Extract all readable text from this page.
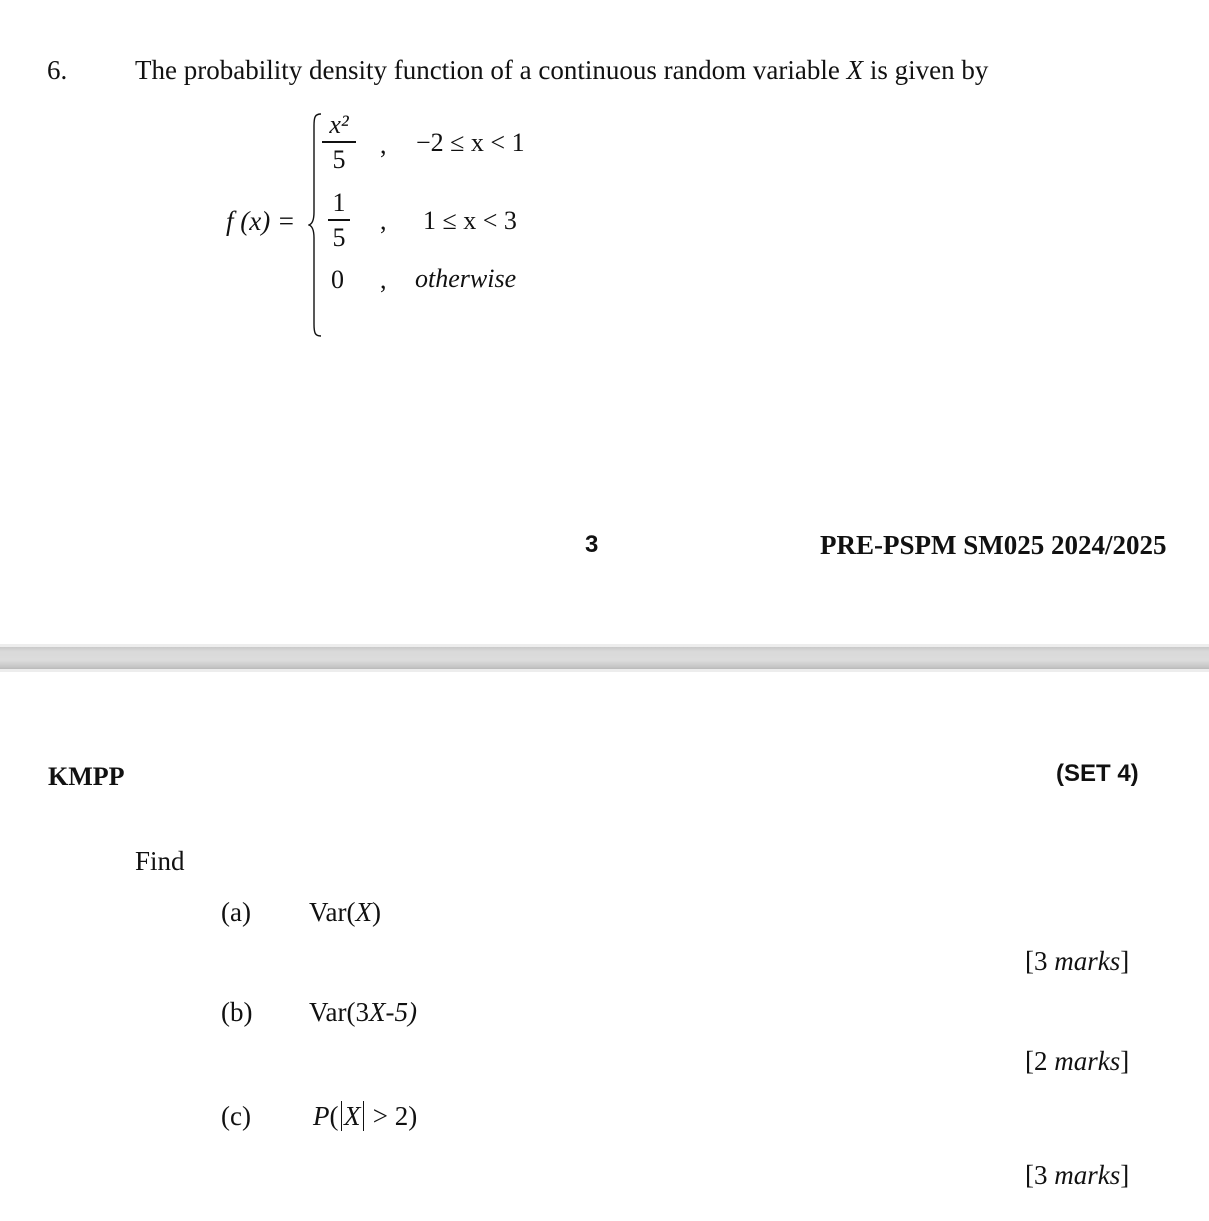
6.	The probability density function of a continuous random variable X is given by
f (x) =
x²
5
1
5
0
,
,
,
−2 ≤ x < 1
1 ≤ x < 3
otherwise
3	PRE-PSPM SM025 2024/2025
KMPP	(SET 4)
Find
(a) Var(X)
[3 marks]
(b) Var(3X-5)
[2 marks]
(c) P( X > 2)
[3 marks]
